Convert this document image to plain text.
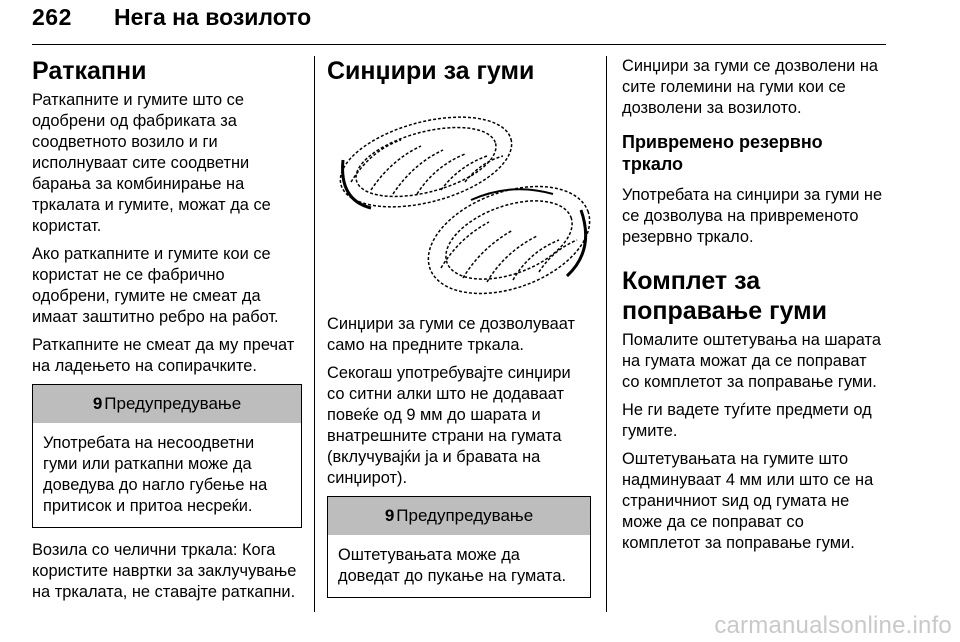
262 Нега на возилото
Раткапни

Раткапните и гумите што се одобрени од фабриката за соодветното возило и ги исполнуваат сите соодветни барања за комбинирање на тркалата и гумите, можат да се користат.

Ако раткапните и гумите кои се користат не се фабрично одобрени, гумите не смеат да имаат заштитно ребро на работ.

Раткапните не смеат да му пречат на ладењето на сопирачките.

9 Предупредување
Употребата на несоодветни гуми или раткапни може да доведува до нагло губење на притисок и притоа несреќи.

Возила со челични тркала: Кога користите навртки за заклучување на тркалата, не ставајте раткапни.

Синџири за гуми

Синџири за гуми се дозволуваат само на предните тркала.

Секогаш употребувајте синџири со ситни алки што не додаваат повеќе од 9 мм до шарата и внатрешните страни на гумата (вклучувајќи ја и бравата на синџирот).

9 Предупредување
Оштетувањата може да доведат до пукање на гумата.

Синџири за гуми се дозволени на сите големини на гуми кои се дозволени за возилото.

Привремено резервно тркало

Употребата на синџири за гуми не се дозволува на привременото резервно тркало.

Комплет за поправање гуми

Помалите оштетувања на шарата на гумата можат да се поправат со комплетот за поправање гуми.

Не ги вадете туѓите предмети од гумите.

Оштетувањата на гумите што надминуваат 4 мм или што се на страничниот ѕид од гумата не може да се поправат со комплетот за поправање гуми.

carmanualsonline.info
